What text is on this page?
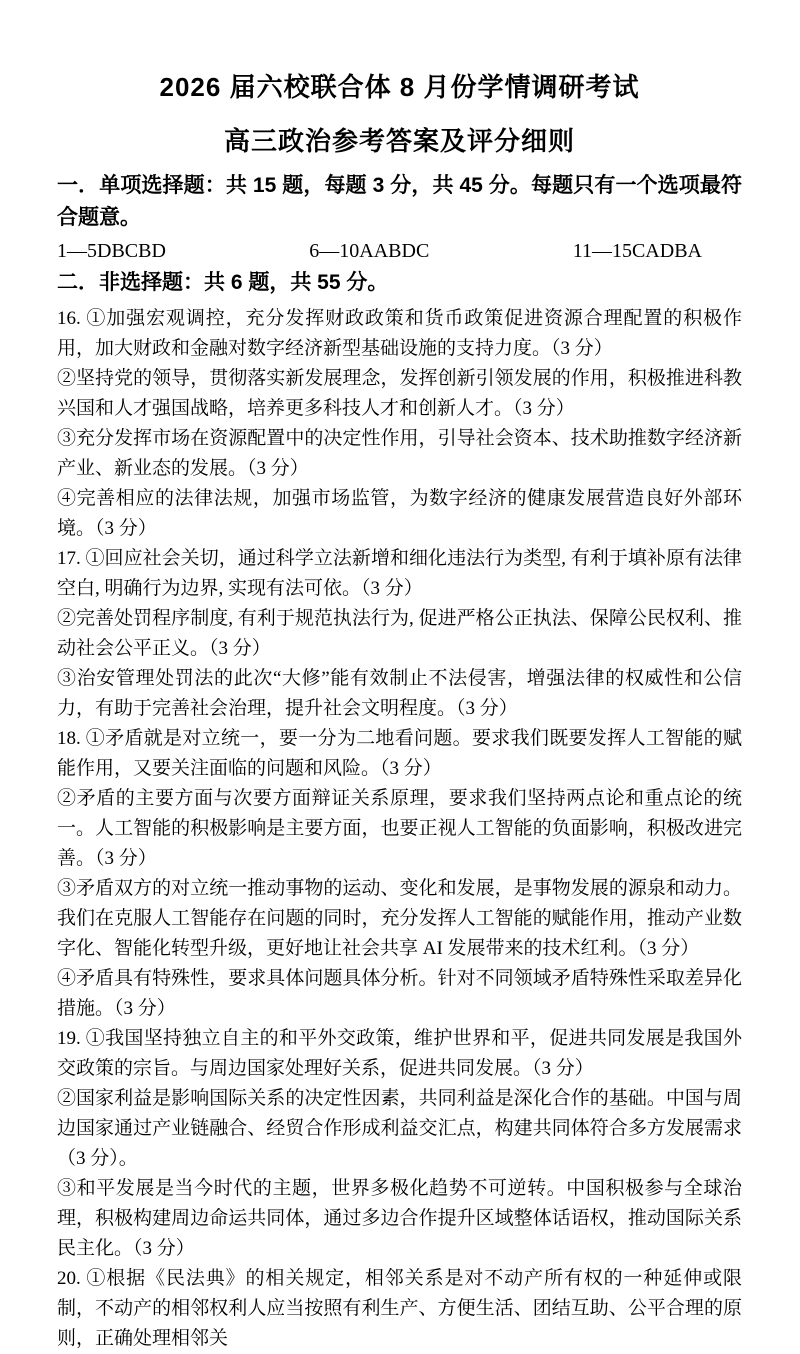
2026 届六校联合体 8 月份学情调研考试
高三政治参考答案及评分细则

一．单项选择题：共 15 题，每题 3 分，共 45 分。每题只有一个选项最符合题意。

1—5DBCBD	6—10AABDC	11—15CADBA

二．非选择题：共 6 题，共 55 分。

16. ①加强宏观调控，充分发挥财政政策和货币政策促进资源合理配置的积极作用，加大财政和金融对数字经济新型基础设施的支持力度。（3 分）

②坚持党的领导，贯彻落实新发展理念，发挥创新引领发展的作用，积极推进科教兴国和人才强国战略，培养更多科技人才和创新人才。（3 分）

③充分发挥市场在资源配置中的决定性作用，引导社会资本、技术助推数字经济新产业、新业态的发展。（3 分）

④完善相应的法律法规，加强市场监管，为数字经济的健康发展营造良好外部环境。（3 分）

17. ①回应社会关切，通过科学立法新增和细化违法行为类型, 有利于填补原有法律空白, 明确行为边界, 实现有法可依。（3 分）

②完善处罚程序制度, 有利于规范执法行为, 促进严格公正执法、保障公民权利、推动社会公平正义。（3 分）

③治安管理处罚法的此次“大修”能有效制止不法侵害，增强法律的权威性和公信力，有助于完善社会治理，提升社会文明程度。（3 分）

18. ①矛盾就是对立统一，要一分为二地看问题。要求我们既要发挥人工智能的赋能作用，又要关注面临的问题和风险。（3 分）

②矛盾的主要方面与次要方面辩证关系原理，要求我们坚持两点论和重点论的统一。人工智能的积极影响是主要方面，也要正视人工智能的负面影响，积极改进完善。（3 分）

③矛盾双方的对立统一推动事物的运动、变化和发展，是事物发展的源泉和动力。我们在克服人工智能存在问题的同时，充分发挥人工智能的赋能作用，推动产业数字化、智能化转型升级，更好地让社会共享 AI 发展带来的技术红利。（3 分）

④矛盾具有特殊性，要求具体问题具体分析。针对不同领域矛盾特殊性采取差异化措施。（3 分）

19. ①我国坚持独立自主的和平外交政策，维护世界和平，促进共同发展是我国外交政策的宗旨。与周边国家处理好关系，促进共同发展。（3 分）

②国家利益是影响国际关系的决定性因素，共同利益是深化合作的基础。中国与周边国家通过产业链融合、经贸合作形成利益交汇点，构建共同体符合多方发展需求（3 分）。

③和平发展是当今时代的主题，世界多极化趋势不可逆转。中国积极参与全球治理，积极构建周边命运共同体，通过多边合作提升区域整体话语权，推动国际关系民主化。（3 分）

20. ①根据《民法典》的相关规定，相邻关系是对不动产所有权的一种延伸或限制，不动产的相邻权利人应当按照有利生产、方便生活、团结互助、公平合理的原则，正确处理相邻关
